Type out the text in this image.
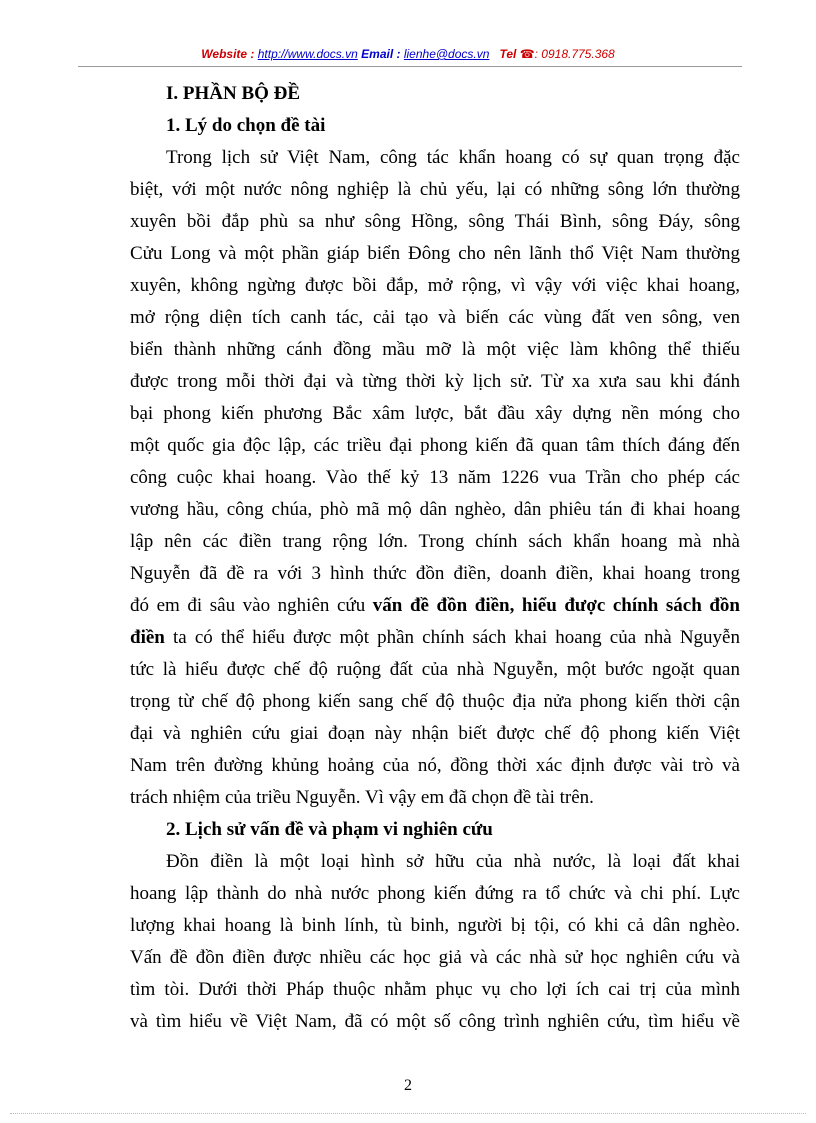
Website : http://www.docs.vn Email : lienhe@docs.vn Tel ☎: 0918.775.368
I. PHẦN BỘ ĐỀ
1. Lý do chọn đề tài

Trong lịch sử Việt Nam, công tác khẩn hoang có sự quan trọng đặc

biệt, với một nước nông nghiệp là chủ yếu, lại có những sông lớn thường

xuyên bồi đắp phù sa như sông Hồng, sông Thái Bình, sông Đáy, sông

Cửu Long và một phần giáp biển Đông cho nên lãnh thổ Việt Nam thường

xuyên, không ngừng được bồi đắp, mở rộng, vì vậy với việc khai hoang,

mở rộng diện tích canh tác, cải tạo và biến các vùng đất ven sông, ven

biển thành những cánh đồng mầu mỡ là một việc làm không thể thiếu

được trong mỗi thời đại và từng thời kỳ lịch sử. Từ xa xưa sau khi đánh

bại phong kiến phương Bắc xâm lược, bắt đầu xây dựng nền móng cho

một quốc gia độc lập, các triều đại phong kiến đã quan tâm thích đáng đến

công cuộc khai hoang. Vào thế kỷ 13 năm 1226 vua Trần cho phép các

vương hầu, công chúa, phò mã mộ dân nghèo, dân phiêu tán đi khai hoang

lập nên các điền trang rộng lớn. Trong chính sách khẩn hoang mà nhà

Nguyễn đã đề ra với 3 hình thức đồn điền, doanh điền, khai hoang trong

đó em đi sâu vào nghiên cứu vấn đề đồn điền, hiểu được chính sách đồn

điền ta có thể hiểu được một phần chính sách khai hoang của nhà Nguyễn

tức là hiểu được chế độ ruộng đất của nhà Nguyễn, một bước ngoặt quan

trọng từ chế độ phong kiến sang chế độ thuộc địa nửa phong kiến thời cận

đại và nghiên cứu giai đoạn này nhận biết được chế độ phong kiến Việt

Nam trên đường khủng hoảng của nó, đồng thời xác định được vài trò và

trách nhiệm của triều Nguyễn. Vì vậy em đã chọn đề tài trên.

2. Lịch sử vấn đề và phạm vi nghiên cứu

Đồn điền là một loại hình sở hữu của nhà nước, là loại đất khai

hoang lập thành do nhà nước phong kiến đứng ra tổ chức và chi phí. Lực

lượng khai hoang là binh lính, tù binh, người bị tội, có khi cả dân nghèo.

Vấn đề đồn điền được nhiều các học giả và các nhà sử học nghiên cứu và

tìm tòi. Dưới thời Pháp thuộc nhằm phục vụ cho lợi ích cai trị của mình

và tìm hiểu về Việt Nam, đã có một số công trình nghiên cứu, tìm hiểu về

2
